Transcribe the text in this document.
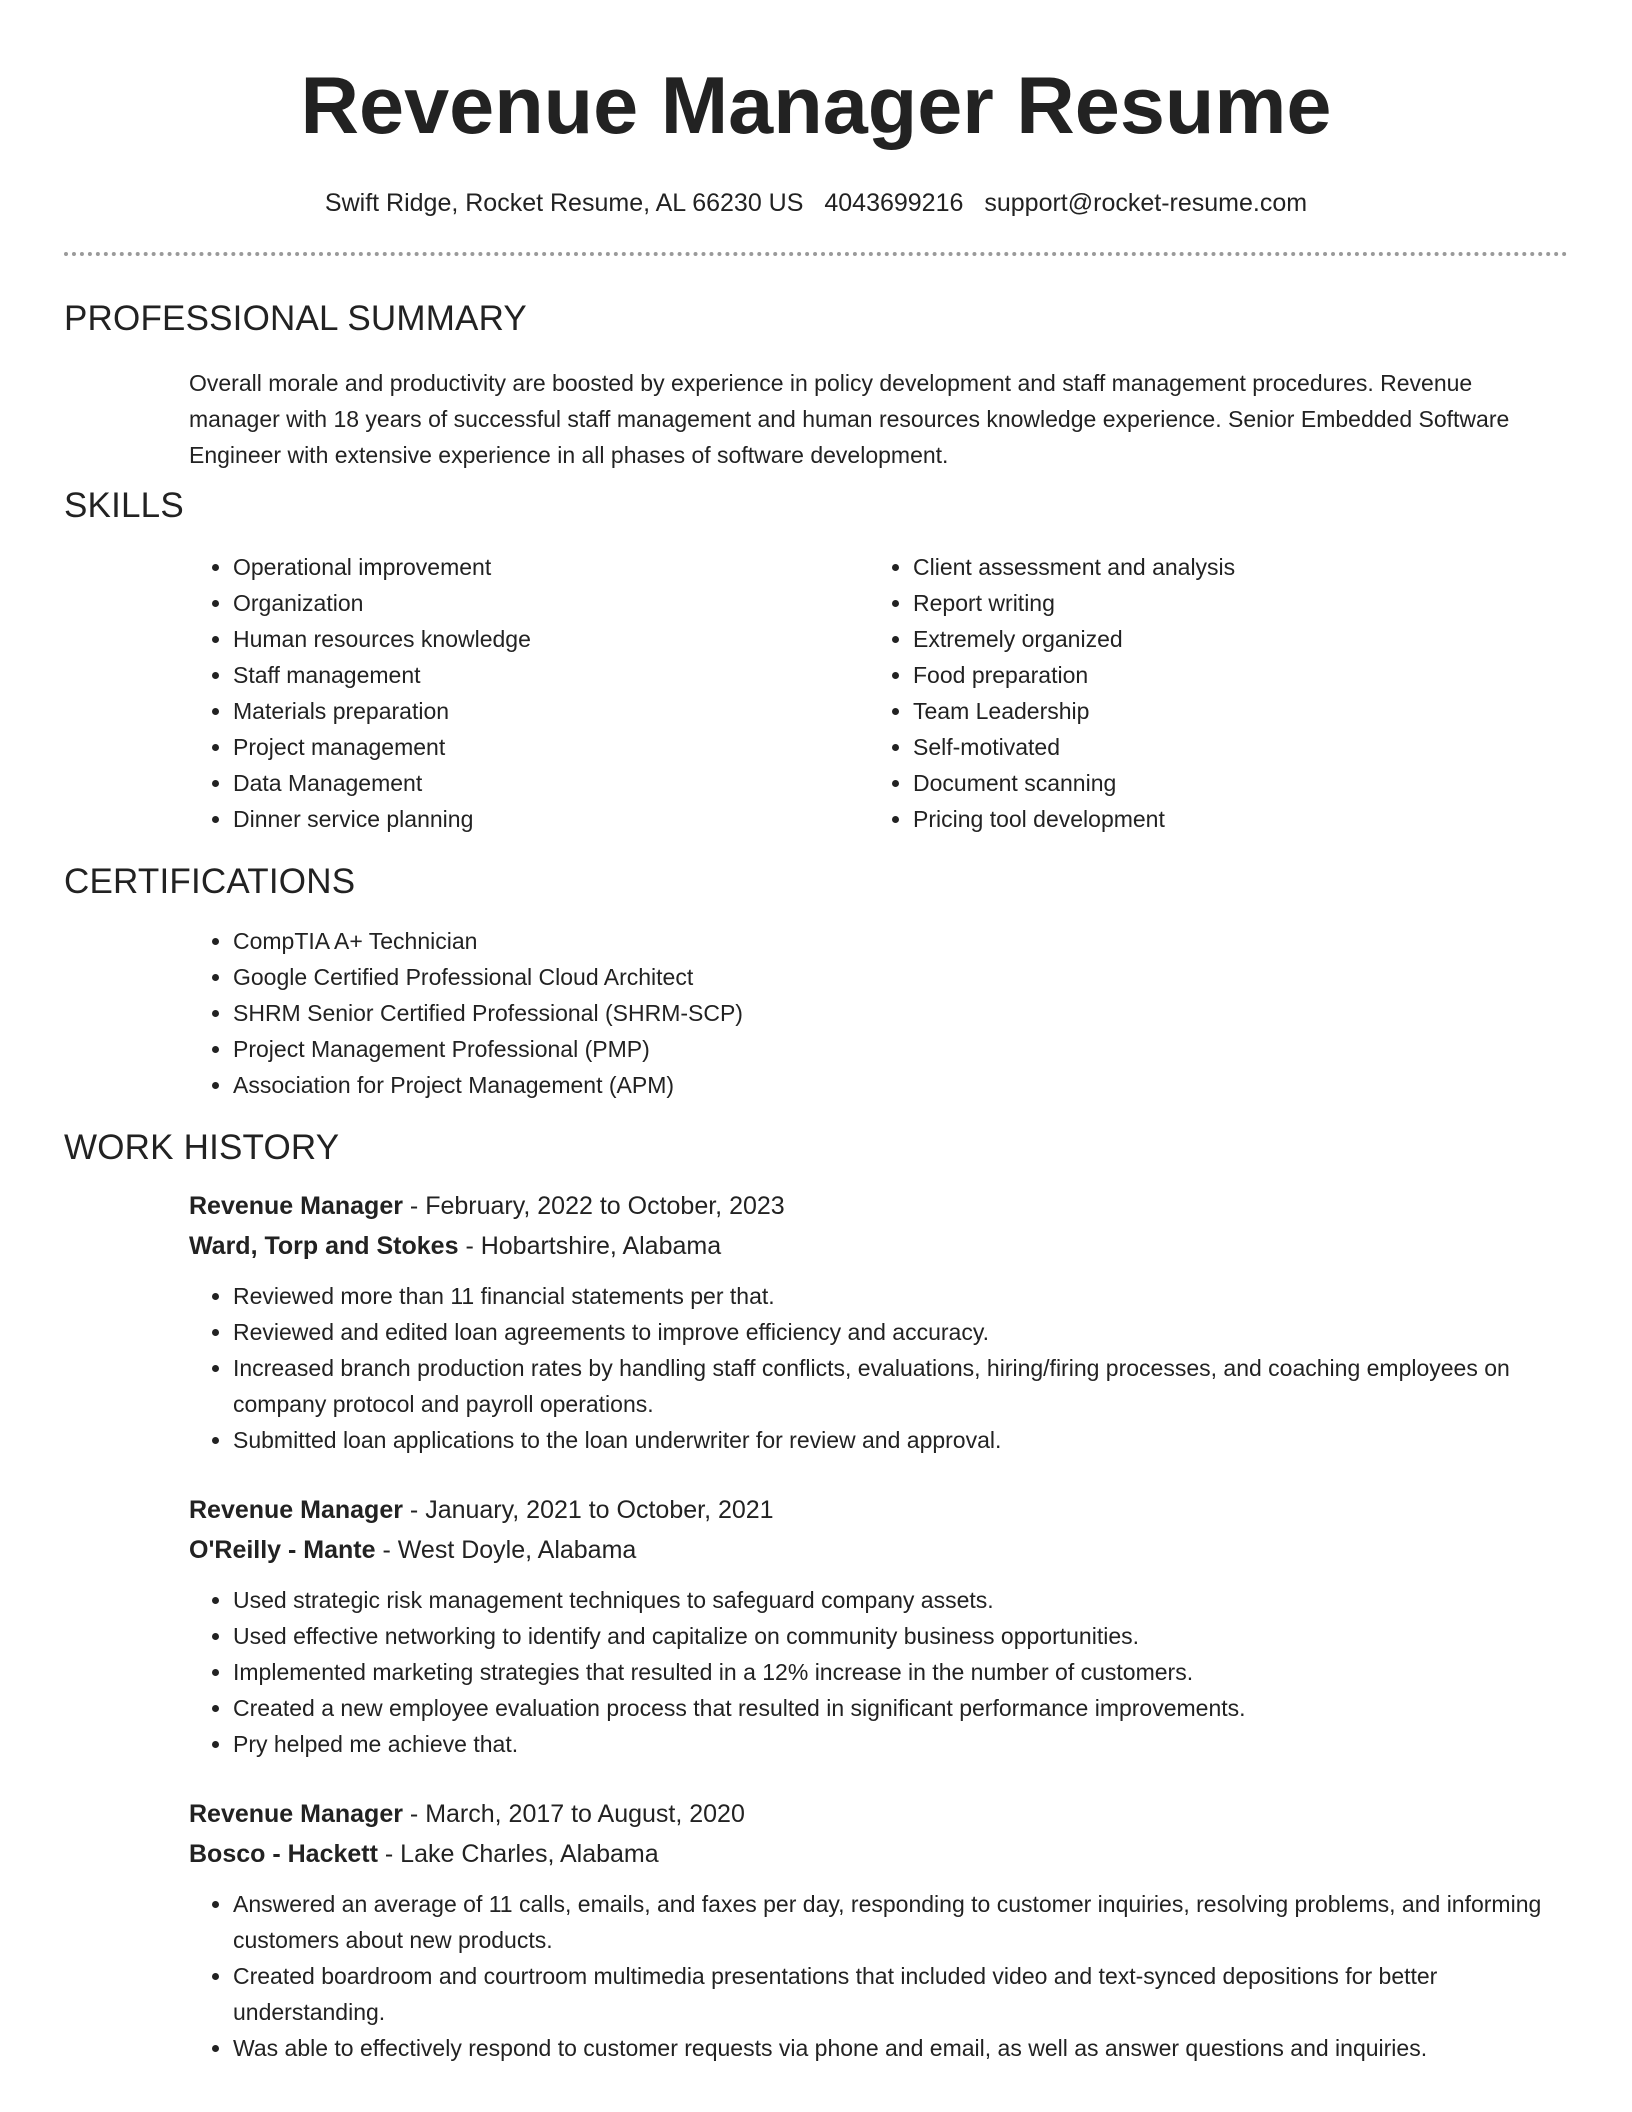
Revenue Manager Resume
Swift Ridge, Rocket Resume, AL 66230 US 4043699216 support@rocket-resume.com
PROFESSIONAL SUMMARY

Overall morale and productivity are boosted by experience in policy development and staff management procedures. Revenue manager with 18 years of successful staff management and human resources knowledge experience. Senior Embedded Software Engineer with extensive experience in all phases of software development.

SKILLS
• Operational improvement
• Organization
• Human resources knowledge
• Staff management
• Materials preparation
• Project management
• Data Management
• Dinner service planning
• Client assessment and analysis
• Report writing
• Extremely organized
• Food preparation
• Team Leadership
• Self-motivated
• Document scanning
• Pricing tool development
CERTIFICATIONS
• CompTIA A+ Technician
• Google Certified Professional Cloud Architect
• SHRM Senior Certified Professional (SHRM-SCP)
• Project Management Professional (PMP)
• Association for Project Management (APM)
WORK HISTORY

Revenue Manager - February, 2022 to October, 2023

Ward, Torp and Stokes - Hobartshire, Alabama

• Reviewed more than 11 financial statements per that.
• Reviewed and edited loan agreements to improve efficiency and accuracy.
• Increased branch production rates by handling staff conflicts, evaluations, hiring/firing processes, and coaching employees on company protocol and payroll operations.
• Submitted loan applications to the loan underwriter for review and approval.

Revenue Manager - January, 2021 to October, 2021

O'Reilly - Mante - West Doyle, Alabama

• Used strategic risk management techniques to safeguard company assets.
• Used effective networking to identify and capitalize on community business opportunities.
• Implemented marketing strategies that resulted in a 12% increase in the number of customers.
• Created a new employee evaluation process that resulted in significant performance improvements.
• Pry helped me achieve that.

Revenue Manager - March, 2017 to August, 2020

Bosco - Hackett - Lake Charles, Alabama

• Answered an average of 11 calls, emails, and faxes per day, responding to customer inquiries, resolving problems, and informing customers about new products.
• Created boardroom and courtroom multimedia presentations that included video and text-synced depositions for better understanding.
• Was able to effectively respond to customer requests via phone and email, as well as answer questions and inquiries.
